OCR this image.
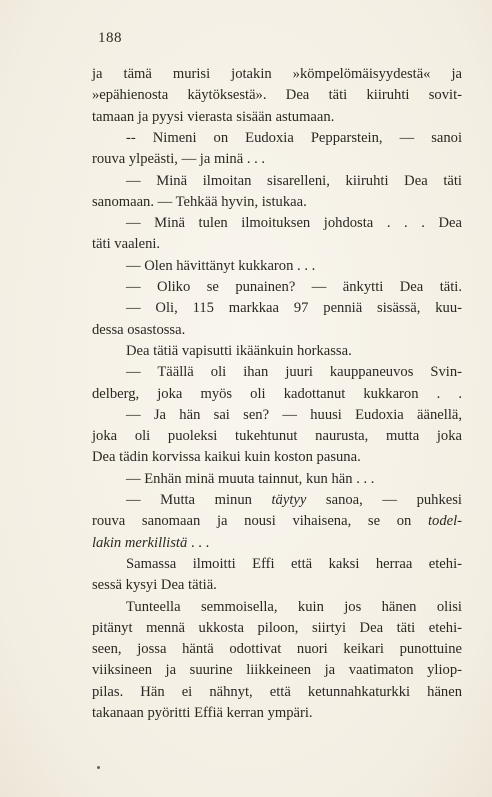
188
ja tämä murisi jotakin »kömpelömäisyydestä« ja
»epähienosta käytöksestä». Dea täti kiiruhti sovit-
tamaan ja pyysi vierasta sisään astumaan.
-- Nimeni on Eudoxia Pepparstein, — sanoi
rouva ylpeästi, — ja minä . . .
— Minä ilmoitan sisarelleni, kiiruhti Dea täti
sanomaan. — Tehkää hyvin, istukaa.
— Minä tulen ilmoituksen johdosta . . . Dea
täti vaaleni.
— Olen hävittänyt kukkaron . . .
— Oliko se punainen? — änkytti Dea täti.
— Oli, 115 markkaa 97 penniä sisässä, kuu-
dessa osastossa.
Dea tätiä vapisutti ikäänkuin horkassa.
— Täällä oli ihan juuri kauppaneuvos Svin-
delberg, joka myös oli kadottanut kukkaron . .
— Ja hän sai sen? — huusi Eudoxia äänellä,
joka oli puoleksi tukehtunut naurusta, mutta joka
Dea tädin korvissa kaikui kuin koston pasuna.
— Enhän minä muuta tainnut, kun hän . . .
— Mutta minun täytyy sanoa, — puhkesi
rouva sanomaan ja nousi vihaisena, se on todel-
lakin merkillistä . . .
Samassa ilmoitti Effi että kaksi herraa etehi-
sessä kysyi Dea tätiä.
Tunteella semmoisella, kuin jos hänen olisi
pitänyt mennä ukkosta piloon, siirtyi Dea täti etehi-
seen, jossa häntä odottivat nuori keikari punottuine
viiksineen ja suurine liikkeineen ja vaatimaton yliop-
pilas. Hän ei nähnyt, että ketunnahkaturkki hänen
takanaan pyöritti Effiä kerran ympäri.
